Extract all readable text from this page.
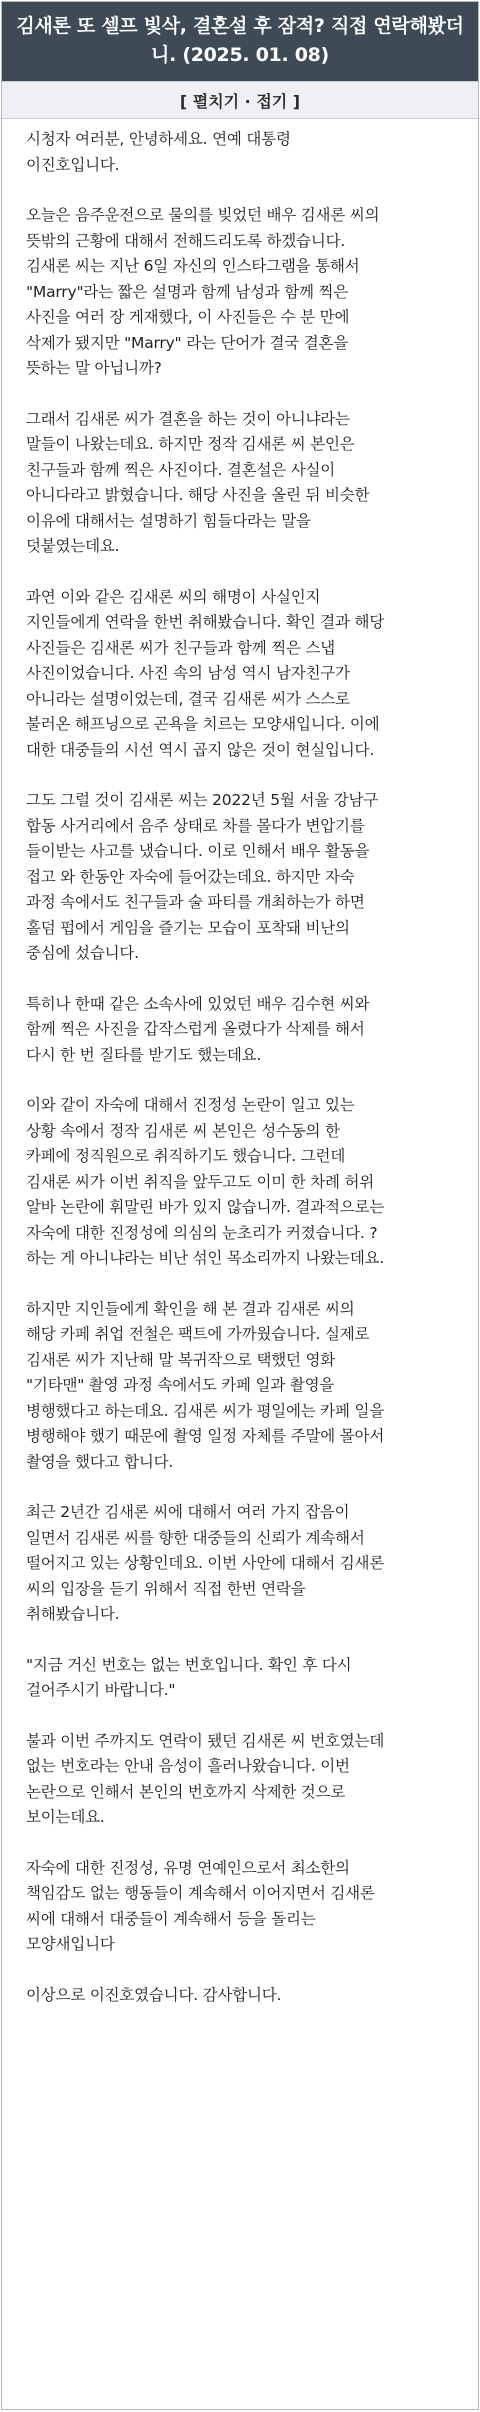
김새론 또 셀프 빛삭, 결혼설 후 잠적? 직접 연락해봤더니. (2025. 01. 08)
[ 펼치기 · 접기 ]

시청자 여러분, 안녕하세요. 연예 대통령
이진호입니다.

오늘은 음주운전으로 물의를 빚었던 배우 김새론 씨의
뜻밖의 근황에 대해서 전해드리도록 하겠습니다.
김새론 씨는 지난 6일 자신의 인스타그램을 통해서
"Marry"라는 짧은 설명과 함께 남성과 함께 찍은
사진을 여러 장 게재했다, 이 사진들은 수 분 만에
삭제가 됐지만 "Marry" 라는 단어가 결국 결혼을
뜻하는 말 아닙니까?

그래서 김새론 씨가 결혼을 하는 것이 아니냐라는
말들이 나왔는데요. 하지만 정작 김새론 씨 본인은
친구들과 함께 찍은 사진이다. 결혼설은 사실이
아니다라고 밝혔습니다. 해당 사진을 올린 뒤 비슷한
이유에 대해서는 설명하기 힘들다라는 말을
덧붙였는데요.

과연 이와 같은 김새론 씨의 해명이 사실인지
지인들에게 연락을 한번 취해봤습니다. 확인 결과 해당
사진들은 김새론 씨가 친구들과 함께 찍은 스냅
사진이었습니다. 사진 속의 남성 역시 남자친구가
아니라는 설명이었는데, 결국 김새론 씨가 스스로
불러온 해프닝으로 곤욕을 치르는 모양새입니다. 이에
대한 대중들의 시선 역시 곱지 않은 것이 현실입니다.

그도 그럴 것이 김새론 씨는 2022년 5월 서울 강남구
합동 사거리에서 음주 상태로 차를 몰다가 변압기를
들이받는 사고를 냈습니다. 이로 인해서 배우 활동을
접고 와 한동안 자숙에 들어갔는데요. 하지만 자숙
과정 속에서도 친구들과 술 파티를 개최하는가 하면
홀덤 펍에서 게임을 즐기는 모습이 포착돼 비난의
중심에 섰습니다.

특히나 한때 같은 소속사에 있었던 배우 김수현 씨와
함께 찍은 사진을 갑작스럽게 올렸다가 삭제를 해서
다시 한 번 질타를 받기도 했는데요.

이와 같이 자숙에 대해서 진정성 논란이 일고 있는
상황 속에서 정작 김새론 씨 본인은 성수동의 한
카페에 정직원으로 취직하기도 했습니다. 그런데
김새론 씨가 이번 취직을 앞두고도 이미 한 차례 허위
알바 논란에 휘말린 바가 있지 않습니까. 결과적으로는
자숙에 대한 진정성에 의심의 눈초리가 커졌습니다. ?
하는 게 아니냐라는 비난 섞인 목소리까지 나왔는데요.

하지만 지인들에게 확인을 해 본 결과 김새론 씨의
해당 카페 취업 전철은 팩트에 가까웠습니다. 실제로
김새론 씨가 지난해 말 복귀작으로 택했던 영화
"기타맨" 촬영 과정 속에서도 카페 일과 촬영을
병행했다고 하는데요. 김새론 씨가 평일에는 카페 일을
병행해야 했기 때문에 촬영 일정 자체를 주말에 몰아서
촬영을 했다고 합니다.

최근 2년간 김새론 씨에 대해서 여러 가지 잡음이
일면서 김새론 씨를 향한 대중들의 신뢰가 계속해서
떨어지고 있는 상황인데요. 이번 사안에 대해서 김새론
씨의 입장을 듣기 위해서 직접 한번 연락을
취해봤습니다.

"지금 거신 번호는 없는 번호입니다. 확인 후 다시
걸어주시기 바랍니다."

불과 이번 주까지도 연락이 됐던 김새론 씨 번호였는데
없는 번호라는 안내 음성이 흘러나왔습니다. 이번
논란으로 인해서 본인의 번호까지 삭제한 것으로
보이는데요.

자숙에 대한 진정성, 유명 연예인으로서 최소한의
책임감도 없는 행동들이 계속해서 이어지면서 김새론
씨에 대해서 대중들이 계속해서 등을 돌리는
모양새입니다

이상으로 이진호였습니다. 감사합니다.
